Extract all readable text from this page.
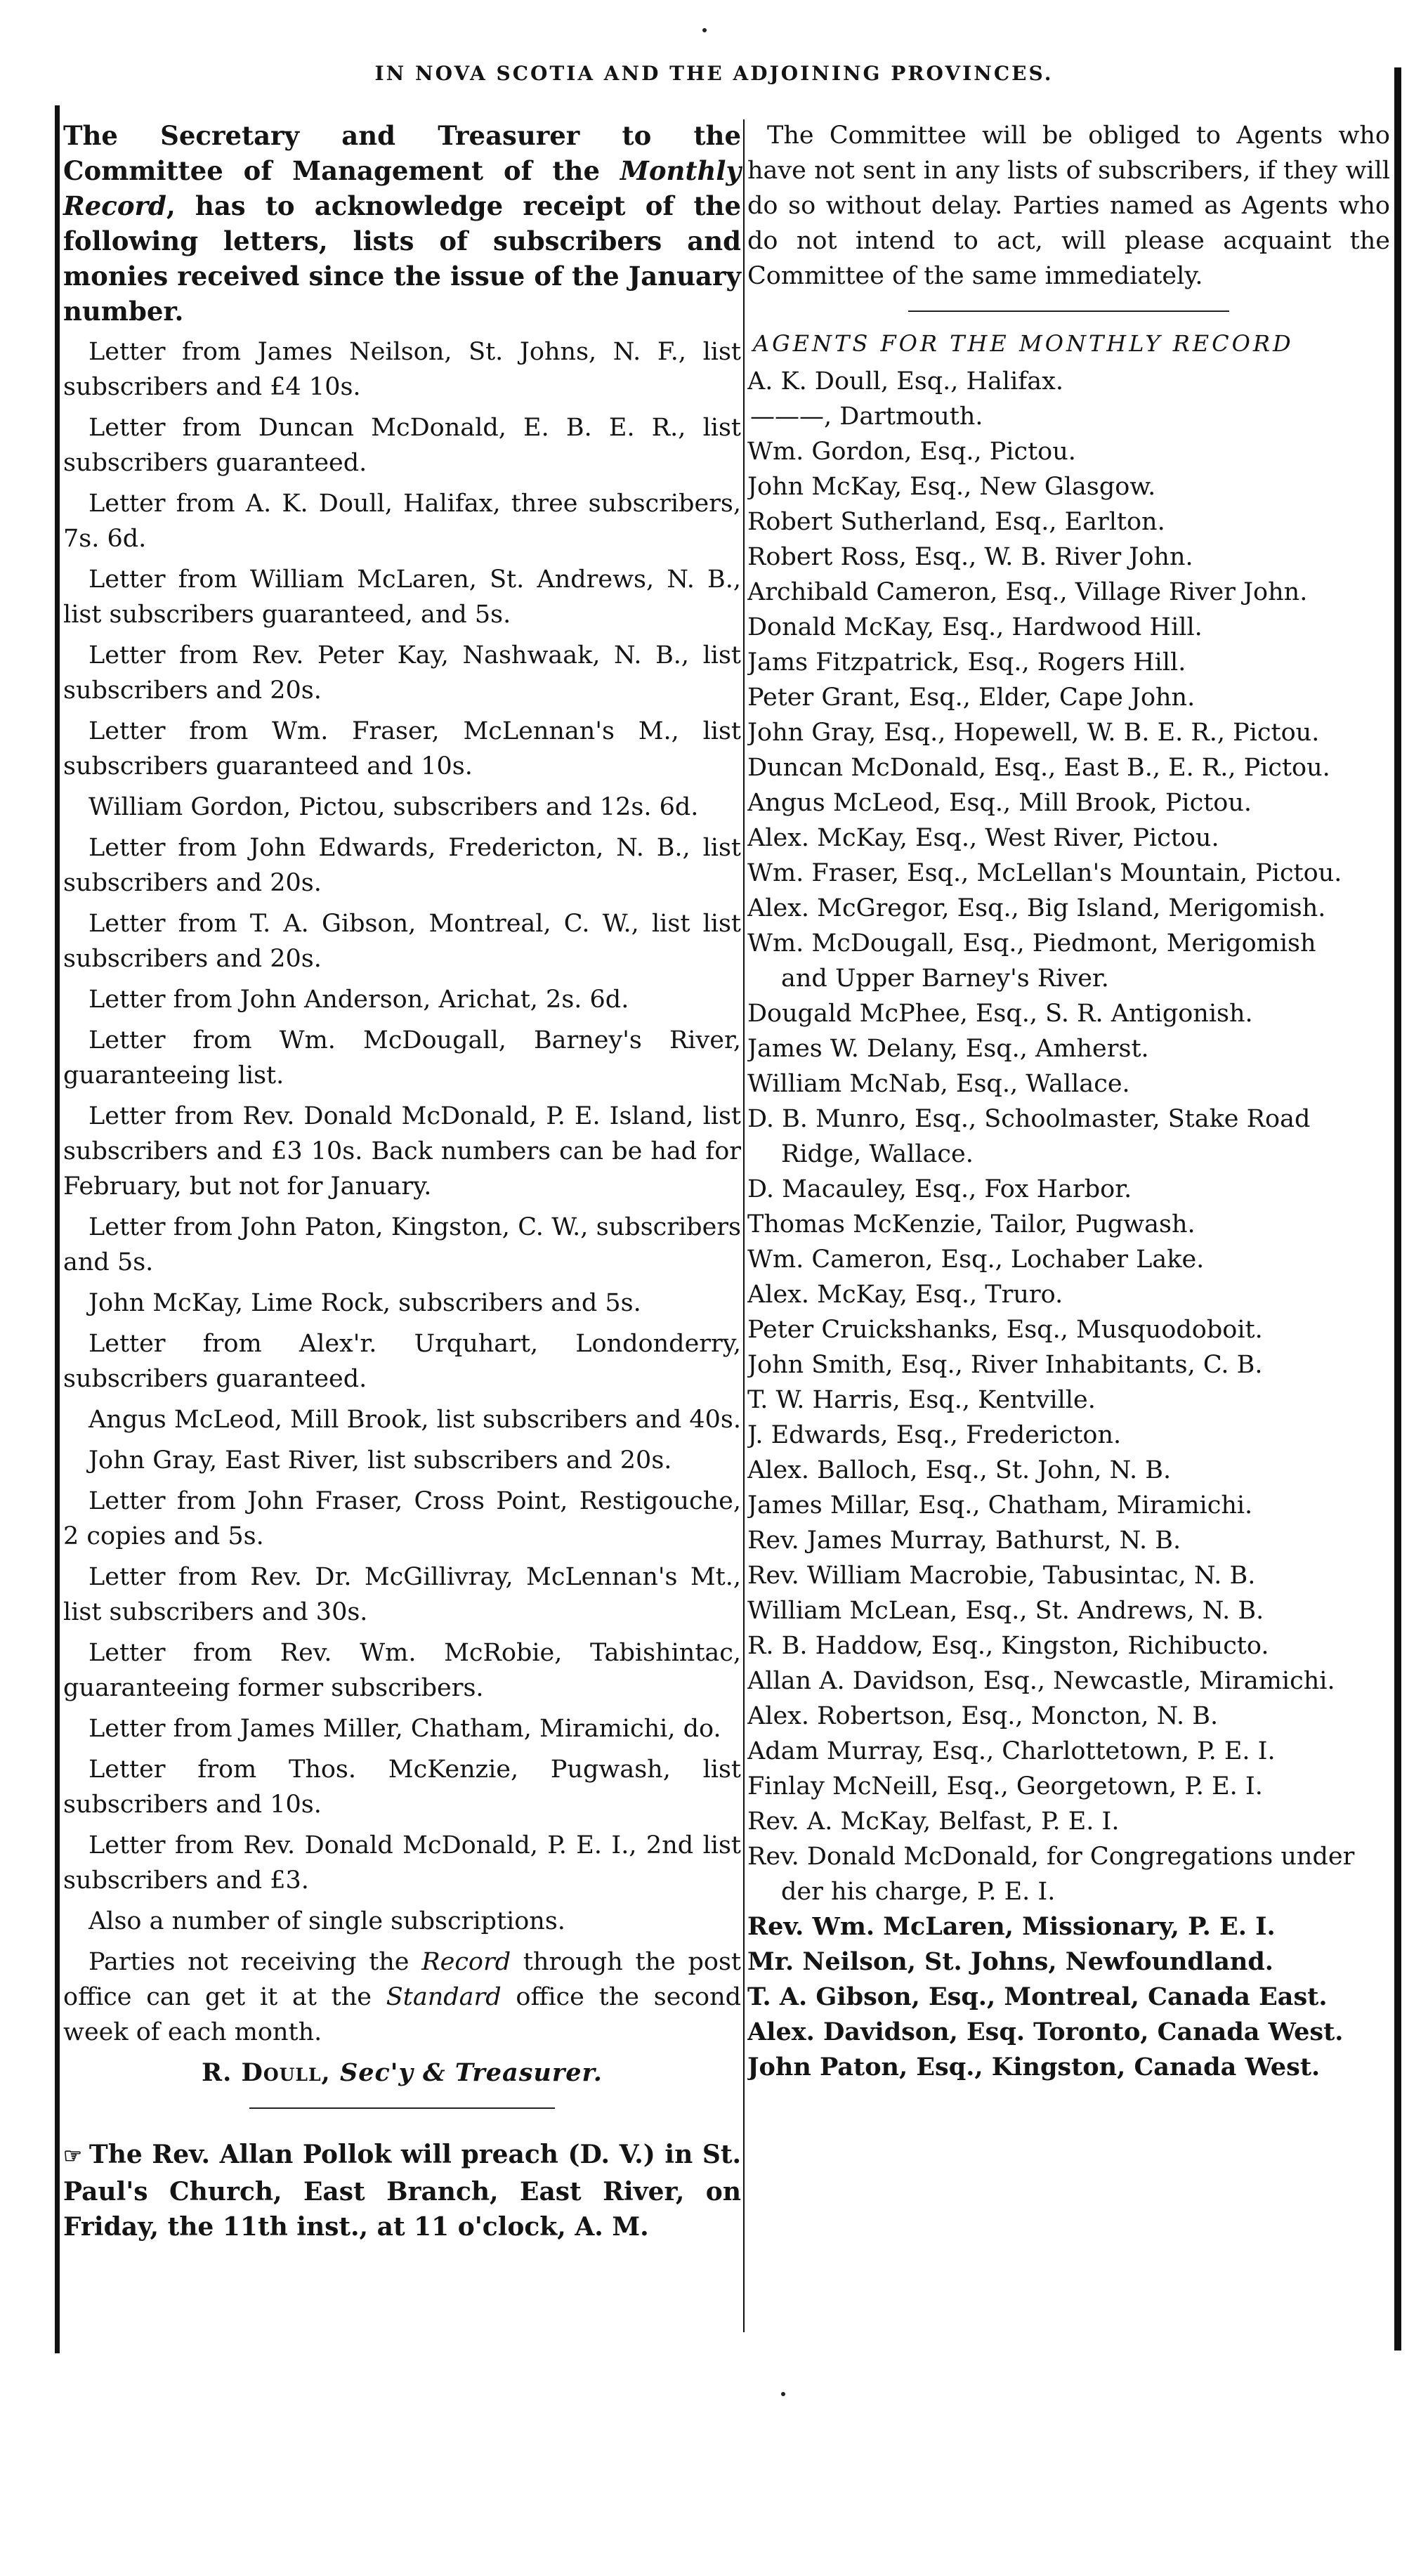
IN NOVA SCOTIA AND THE ADJOINING PROVINCES.

The Secretary and Treasurer to the Committee of Management of the Monthly Record, has to acknowledge receipt of the following letters, lists of subscribers and monies received since the issue of the January number.

Letter from James Neilson, St. Johns, N. F., list subscribers and £4 10s.

Letter from Duncan McDonald, E. B. E. R., list subscribers guaranteed.

Letter from A. K. Doull, Halifax, three subscribers, 7s. 6d.

Letter from William McLaren, St. Andrews, N. B., list subscribers guaranteed, and 5s.

Letter from Rev. Peter Kay, Nashwaak, N. B., list subscribers and 20s.

Letter from Wm. Fraser, McLennan's M., list subscribers guaranteed and 10s.

William Gordon, Pictou, subscribers and 12s. 6d.

Letter from John Edwards, Fredericton, N. B., list subscribers and 20s.

Letter from T. A. Gibson, Montreal, C. W., list list subscribers and 20s.

Letter from John Anderson, Arichat, 2s. 6d.

Letter from Wm. McDougall, Barney's River, guaranteeing list.

Letter from Rev. Donald McDonald, P. E. Island, list subscribers and £3 10s. Back numbers can be had for February, but not for January.

Letter from John Paton, Kingston, C. W., subscribers and 5s.

John McKay, Lime Rock, subscribers and 5s.

Letter from Alex'r. Urquhart, Londonderry, subscribers guaranteed.

Angus McLeod, Mill Brook, list subscribers and 40s.

John Gray, East River, list subscribers and 20s.

Letter from John Fraser, Cross Point, Restigouche, 2 copies and 5s.

Letter from Rev. Dr. McGillivray, McLennan's Mt., list subscribers and 30s.

Letter from Rev. Wm. McRobie, Tabishintac, guaranteeing former subscribers.

Letter from James Miller, Chatham, Miramichi, do.

Letter from Thos. McKenzie, Pugwash, list subscribers and 10s.

Letter from Rev. Donald McDonald, P. E. I., 2nd list subscribers and £3.

Also a number of single subscriptions.

Parties not receiving the Record through the post office can get it at the Standard office the second week of each month.

R. Doull, Sec'y & Treasurer.

☞ The Rev. Allan Pollok will preach (D. V.) in St. Paul's Church, East Branch, East River, on Friday, the 11th inst., at 11 o'clock, A. M.

The Committee will be obliged to Agents who have not sent in any lists of subscribers, if they will do so without delay. Parties named as Agents who do not intend to act, will please acquaint the Committee of the same immediately.

AGENTS FOR THE MONTHLY RECORD

A. K. Doull, Esq., Halifax.

———, Dartmouth.

Wm. Gordon, Esq., Pictou.

John McKay, Esq., New Glasgow.

Robert Sutherland, Esq., Earlton.

Robert Ross, Esq., W. B. River John.

Archibald Cameron, Esq., Village River John.

Donald McKay, Esq., Hardwood Hill.

Jams Fitzpatrick, Esq., Rogers Hill.

Peter Grant, Esq., Elder, Cape John.

John Gray, Esq., Hopewell, W. B. E. R., Pictou.

Duncan McDonald, Esq., East B., E. R., Pictou.

Angus McLeod, Esq., Mill Brook, Pictou.

Alex. McKay, Esq., West River, Pictou.

Wm. Fraser, Esq., McLellan's Mountain, Pictou.

Alex. McGregor, Esq., Big Island, Merigomish.

Wm. McDougall, Esq., Piedmont, Merigomish

and Upper Barney's River.

Dougald McPhee, Esq., S. R. Antigonish.

James W. Delany, Esq., Amherst.

William McNab, Esq., Wallace.

D. B. Munro, Esq., Schoolmaster, Stake Road

Ridge, Wallace.

D. Macauley, Esq., Fox Harbor.

Thomas McKenzie, Tailor, Pugwash.

Wm. Cameron, Esq., Lochaber Lake.

Alex. McKay, Esq., Truro.

Peter Cruickshanks, Esq., Musquodoboit.

John Smith, Esq., River Inhabitants, C. B.

T. W. Harris, Esq., Kentville.

J. Edwards, Esq., Fredericton.

Alex. Balloch, Esq., St. John, N. B.

James Millar, Esq., Chatham, Miramichi.

Rev. James Murray, Bathurst, N. B.

Rev. William Macrobie, Tabusintac, N. B.

William McLean, Esq., St. Andrews, N. B.

R. B. Haddow, Esq., Kingston, Richibucto.

Allan A. Davidson, Esq., Newcastle, Miramichi.

Alex. Robertson, Esq., Moncton, N. B.

Adam Murray, Esq., Charlottetown, P. E. I.

Finlay McNeill, Esq., Georgetown, P. E. I.

Rev. A. McKay, Belfast, P. E. I.

Rev. Donald McDonald, for Congregations under

der his charge, P. E. I.

Rev. Wm. McLaren, Missionary, P. E. I.

Mr. Neilson, St. Johns, Newfoundland.

T. A. Gibson, Esq., Montreal, Canada East.

Alex. Davidson, Esq. Toronto, Canada West.

John Paton, Esq., Kingston, Canada West.
